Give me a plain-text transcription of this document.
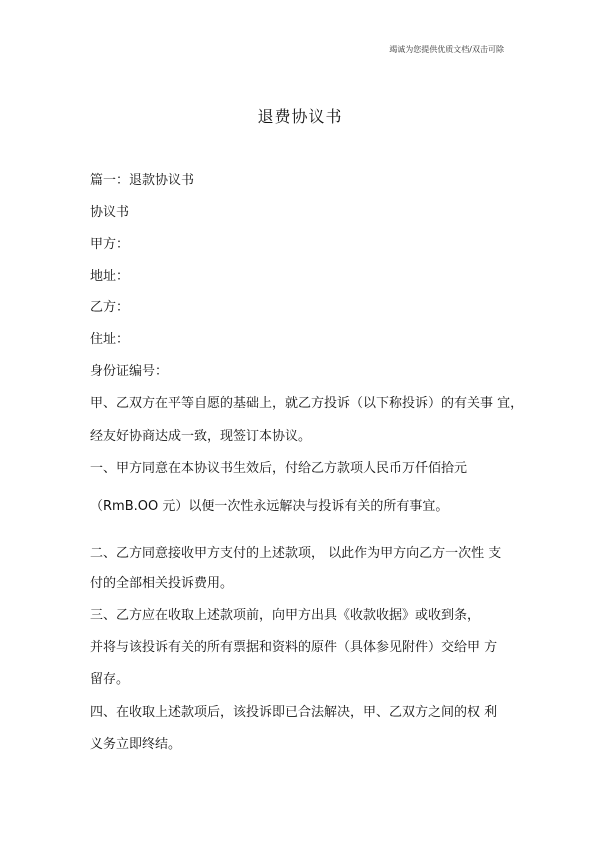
竭诚为您提供优质文档/双击可除
退费协议书
篇一：退款协议书
协议书
甲方：
地址：
乙方：
住址：
身份证编号：
甲、乙双方在平等自愿的基础上，就乙方投诉（以下称投诉）的有关事 宜，
经友好协商达成一致，现签订本协议。
一、甲方同意在本协议书生效后，付给乙方款项人民币万仟佰拾元
（RmB.OO 元）以便一次性永远解决与投诉有关的所有事宜。
二、乙方同意接收甲方支付的上述款项， 以此作为甲方向乙方一次性 支
付的全部相关投诉费用。
三、乙方应在收取上述款项前，向甲方出具《收款收据》或收到条，
并将与该投诉有关的所有票据和资料的原件（具体参见附件）交给甲 方
留存。
四、在收取上述款项后，该投诉即已合法解决，甲、乙双方之间的权 利
义务立即终结。
